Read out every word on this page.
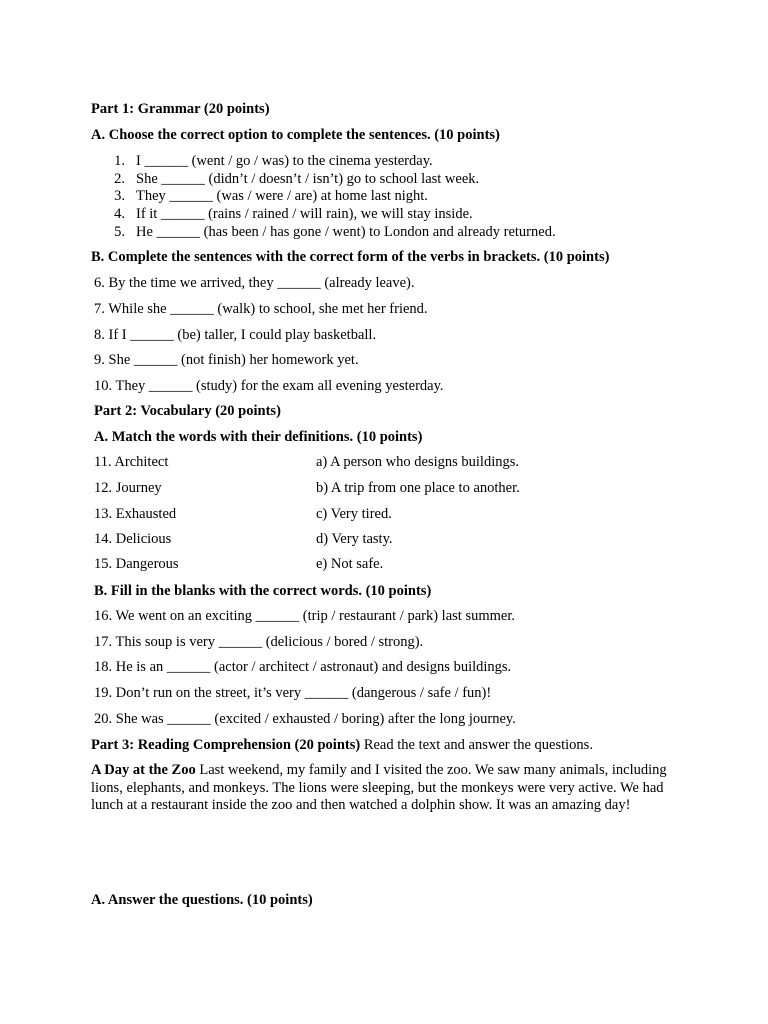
Part 1: Grammar (20 points)
A. Choose the correct option to complete the sentences. (10 points)
1. I ______ (went / go / was) to the cinema yesterday.
2. She ______ (didn’t / doesn’t / isn’t) go to school last week.
3. They ______ (was / were / are) at home last night.
4. If it ______ (rains / rained / will rain), we will stay inside.
5. He ______ (has been / has gone / went) to London and already returned.
B. Complete the sentences with the correct form of the verbs in brackets. (10 points)
6. By the time we arrived, they ______ (already leave).
7. While she ______ (walk) to school, she met her friend.
8. If I ______ (be) taller, I could play basketball.
9. She ______ (not finish) her homework yet.
10. They ______ (study) for the exam all evening yesterday.
Part 2: Vocabulary (20 points)
A. Match the words with their definitions. (10 points)
11. Architect	a) A person who designs buildings.
12. Journey	b) A trip from one place to another.
13. Exhausted	c) Very tired.
14. Delicious	d) Very tasty.
15. Dangerous	e) Not safe.
B. Fill in the blanks with the correct words. (10 points)
16. We went on an exciting ______ (trip / restaurant / park) last summer.
17. This soup is very ______ (delicious / bored / strong).
18. He is an ______ (actor / architect / astronaut) and designs buildings.
19. Don’t run on the street, it’s very ______ (dangerous / safe / fun)!
20. She was ______ (excited / exhausted / boring) after the long journey.
Part 3: Reading Comprehension (20 points) Read the text and answer the questions.
A Day at the Zoo Last weekend, my family and I visited the zoo. We saw many animals, including lions, elephants, and monkeys. The lions were sleeping, but the monkeys were very active. We had lunch at a restaurant inside the zoo and then watched a dolphin show. It was an amazing day!
A. Answer the questions. (10 points)
